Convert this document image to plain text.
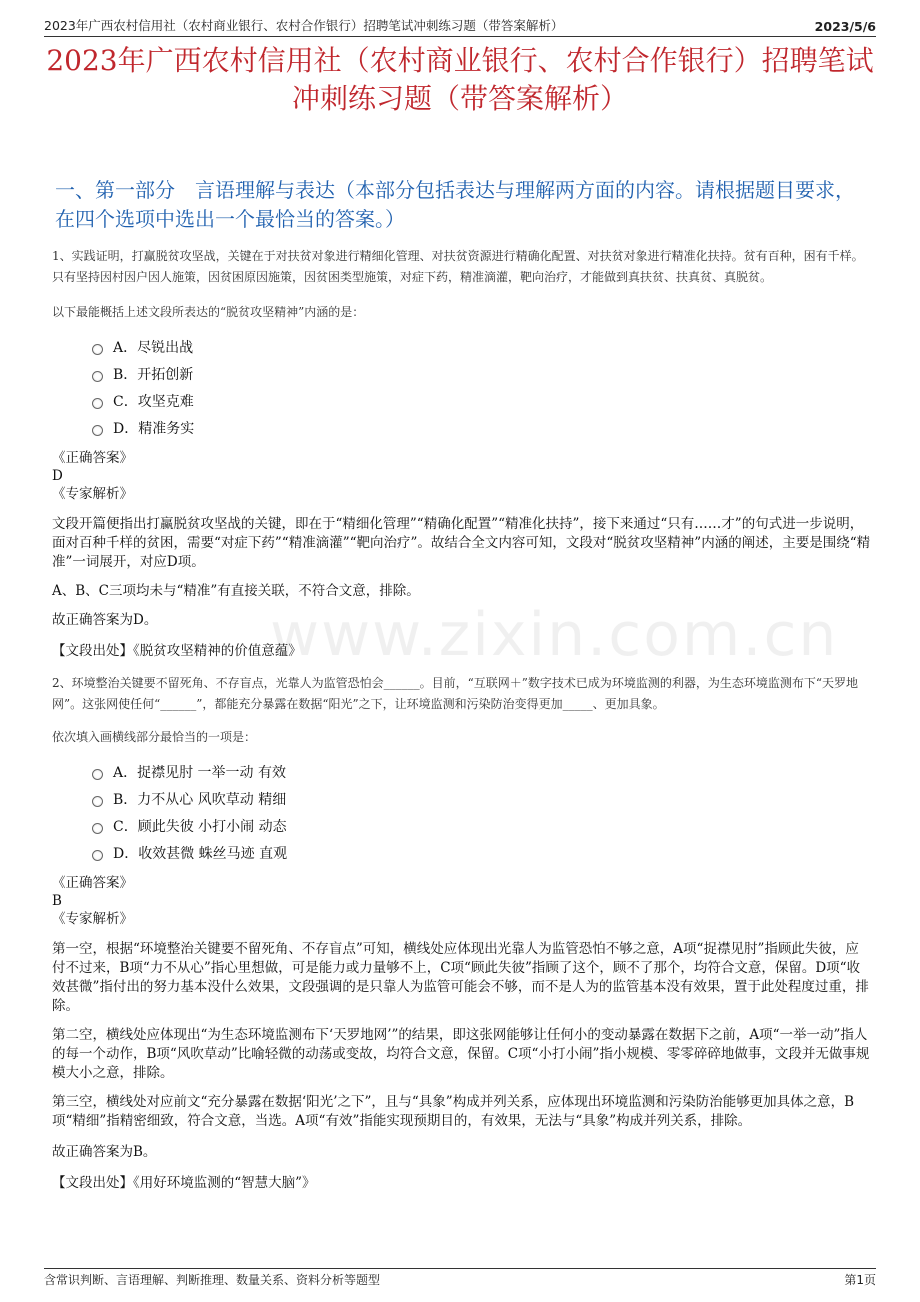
2023年广西农村信用社（农村商业银行、农村合作银行）招聘笔试冲刺练习题（带答案解析）	2023/5/6
2023年广西农村信用社（农村商业银行、农村合作银行）招聘笔试冲刺练习题（带答案解析）
一、第一部分　言语理解与表达（本部分包括表达与理解两方面的内容。请根据题目要求，在四个选项中选出一个最恰当的答案。）
www.zixin.com.cn

1、实践证明，打赢脱贫攻坚战，关键在于对扶贫对象进行精细化管理、对扶贫资源进行精确化配置、对扶贫对象进行精准化扶持。贫有百种，困有千样。只有坚持因村因户因人施策，因贫困原因施策，因贫困类型施策，对症下药，精准滴灌，靶向治疗，才能做到真扶贫、扶真贫、真脱贫。

以下最能概括上述文段所表达的“脱贫攻坚精神”内涵的是：

A．尽锐出战
B．开拓创新
C．攻坚克难
D．精准务实

《正确答案》

D

《专家解析》

文段开篇便指出打赢脱贫攻坚战的关键，即在于“精细化管理”“精确化配置”“精准化扶持”，接下来通过“只有……才”的句式进一步说明，面对百种千样的贫困，需要“对症下药”“精准滴灌”“靶向治疗”。故结合全文内容可知，文段对“脱贫攻坚精神”内涵的阐述，主要是围绕“精准”一词展开，对应D项。

A、B、C三项均未与“精准”有直接关联，不符合文意，排除。

故正确答案为D。

【文段出处】《脱贫攻坚精神的价值意蕴》

2、环境整治关键要不留死角、不存盲点，光靠人为监管恐怕会______。目前，“互联网＋”数字技术已成为环境监测的利器，为生态环境监测布下“天罗地网”。这张网使任何“______”，都能充分暴露在数据“阳光”之下，让环境监测和污染防治变得更加_____、更加具象。

依次填入画横线部分最恰当的一项是：

A．捉襟见肘 一举一动 有效
B．力不从心 风吹草动 精细
C．顾此失彼 小打小闹 动态
D．收效甚微 蛛丝马迹 直观

《正确答案》

B

《专家解析》

第一空，根据“环境整治关键要不留死角、不存盲点”可知，横线处应体现出光靠人为监管恐怕不够之意，A项“捉襟见肘”指顾此失彼，应付不过来，B项“力不从心”指心里想做，可是能力或力量够不上，C项“顾此失彼”指顾了这个，顾不了那个，均符合文意，保留。D项“收效甚微”指付出的努力基本没什么效果，文段强调的是只靠人为监管可能会不够，而不是人为的监管基本没有效果，置于此处程度过重，排除。

第二空，横线处应体现出“为生态环境监测布下‘天罗地网’”的结果，即这张网能够让任何小的变动暴露在数据下之前，A项“一举一动”指人的每一个动作，B项“风吹草动”比喻轻微的动荡或变故，均符合文意，保留。C项“小打小闹”指小规模、零零碎碎地做事，文段并无做事规模大小之意，排除。

第三空，横线处对应前文“充分暴露在数据‘阳光’之下”，且与“具象”构成并列关系，应体现出环境监测和污染防治能够更加具体之意，B项“精细”指精密细致，符合文意，当选。A项“有效”指能实现预期目的，有效果，无法与“具象”构成并列关系，排除。

故正确答案为B。

【文段出处】《用好环境监测的“智慧大脑”》

含常识判断、言语理解、判断推理、数量关系、资料分析等题型	第1页
